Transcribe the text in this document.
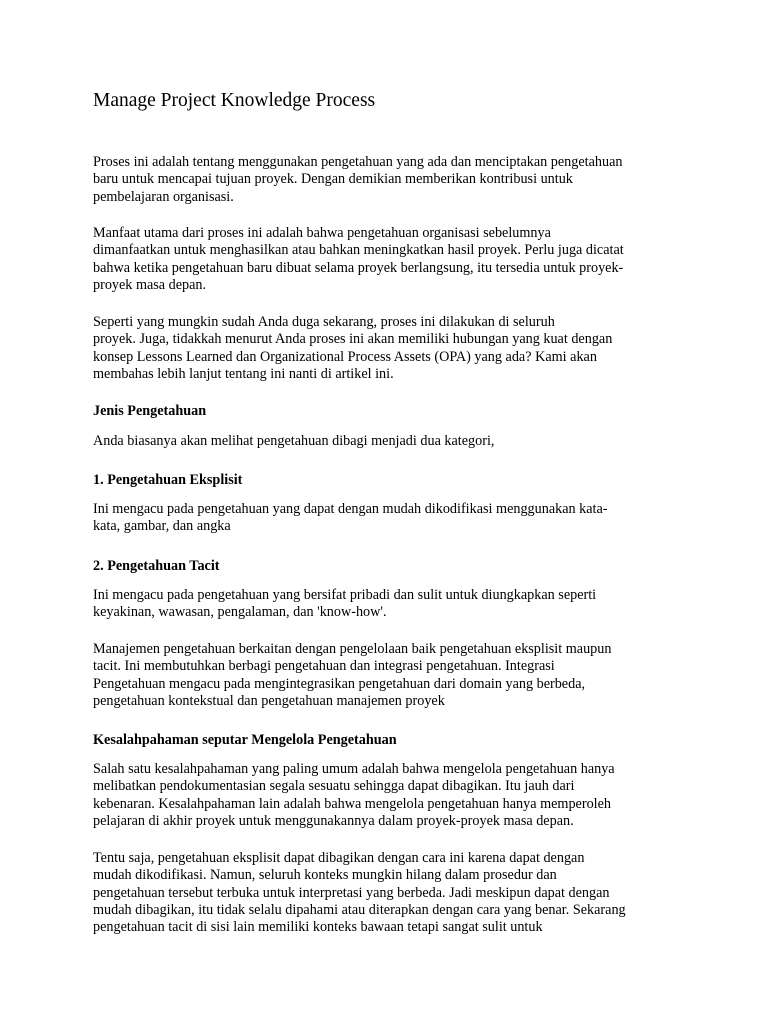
Manage Project Knowledge Process

Proses ini adalah tentang menggunakan pengetahuan yang ada dan menciptakan pengetahuan
baru untuk mencapai tujuan proyek. Dengan demikian memberikan kontribusi untuk
pembelajaran organisasi.

Manfaat utama dari proses ini adalah bahwa pengetahuan organisasi sebelumnya
dimanfaatkan untuk menghasilkan atau bahkan meningkatkan hasil proyek. Perlu juga dicatat
bahwa ketika pengetahuan baru dibuat selama proyek berlangsung, itu tersedia untuk proyek-
proyek masa depan.

Seperti yang mungkin sudah Anda duga sekarang, proses ini dilakukan di seluruh
proyek. Juga, tidakkah menurut Anda proses ini akan memiliki hubungan yang kuat dengan
konsep Lessons Learned dan Organizational Process Assets (OPA) yang ada? Kami akan
membahas lebih lanjut tentang ini nanti di artikel ini.

Jenis Pengetahuan

Anda biasanya akan melihat pengetahuan dibagi menjadi dua kategori,

1. Pengetahuan Eksplisit

Ini mengacu pada pengetahuan yang dapat dengan mudah dikodifikasi menggunakan kata-
kata, gambar, dan angka

2. Pengetahuan Tacit

Ini mengacu pada pengetahuan yang bersifat pribadi dan sulit untuk diungkapkan seperti
keyakinan, wawasan, pengalaman, dan 'know-how'.

Manajemen pengetahuan berkaitan dengan pengelolaan baik pengetahuan eksplisit maupun
tacit. Ini membutuhkan berbagi pengetahuan dan integrasi pengetahuan. Integrasi
Pengetahuan mengacu pada mengintegrasikan pengetahuan dari domain yang berbeda,
pengetahuan kontekstual dan pengetahuan manajemen proyek

Kesalahpahaman seputar Mengelola Pengetahuan

Salah satu kesalahpahaman yang paling umum adalah bahwa mengelola pengetahuan hanya
melibatkan pendokumentasian segala sesuatu sehingga dapat dibagikan. Itu jauh dari
kebenaran. Kesalahpahaman lain adalah bahwa mengelola pengetahuan hanya memperoleh
pelajaran di akhir proyek untuk menggunakannya dalam proyek-proyek masa depan.

Tentu saja, pengetahuan eksplisit dapat dibagikan dengan cara ini karena dapat dengan
mudah dikodifikasi. Namun, seluruh konteks mungkin hilang dalam prosedur dan
pengetahuan tersebut terbuka untuk interpretasi yang berbeda. Jadi meskipun dapat dengan
mudah dibagikan, itu tidak selalu dipahami atau diterapkan dengan cara yang benar. Sekarang
pengetahuan tacit di sisi lain memiliki konteks bawaan tetapi sangat sulit untuk
